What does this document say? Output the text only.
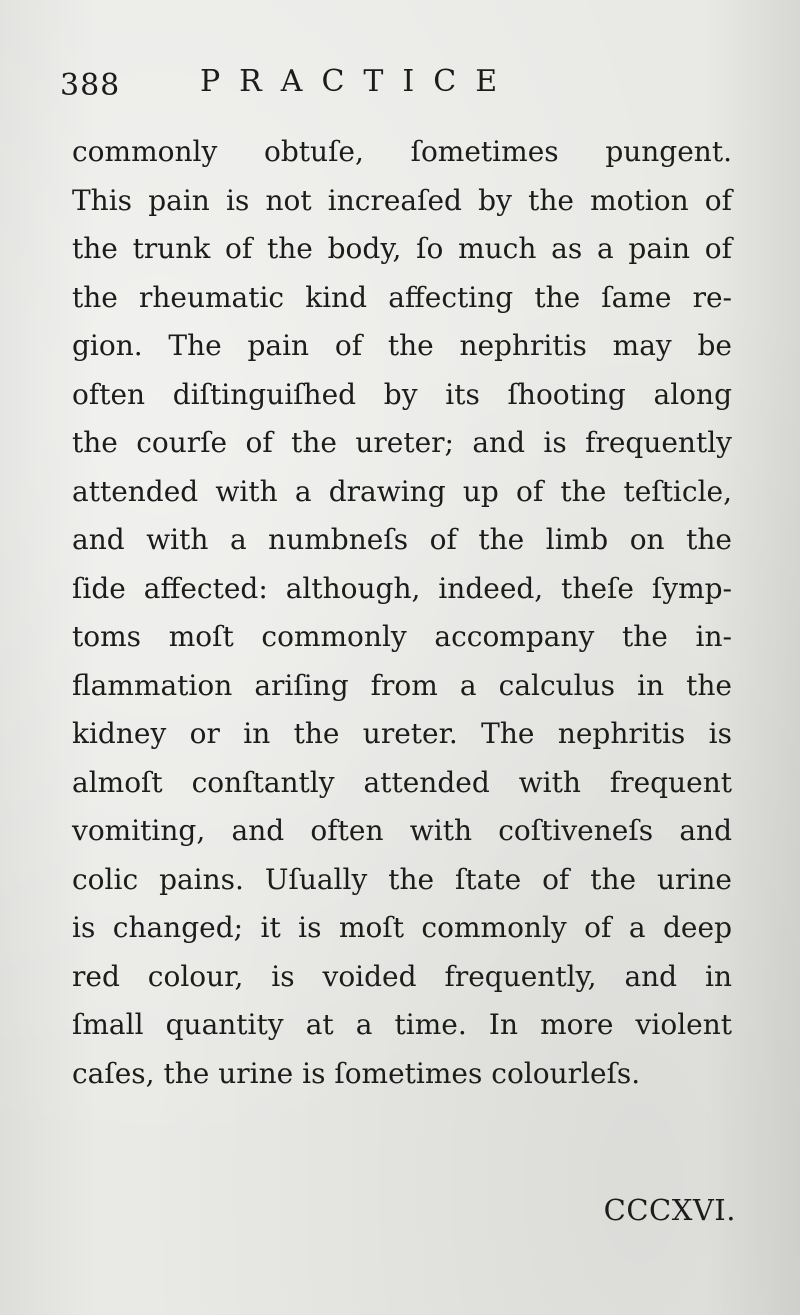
388	PRACTICE
commonly obtuſe, ſometimes pungent.
This pain is not increaſed by the motion of
the trunk of the body, ſo much as a pain of
the rheumatic kind affecting the ſame re-
gion. The pain of the nephritis may be
often diſtinguiſhed by its ſhooting along
the courſe of the ureter; and is frequently
attended with a drawing up of the teſticle,
and with a numbneſs of the limb on the
ſide affected: although, indeed, theſe ſymp-
toms moſt commonly accompany the in-
flammation ariſing from a calculus in the
kidney or in the ureter. The nephritis is
almoſt conſtantly attended with frequent
vomiting, and often with coſtiveneſs and
colic pains. Uſually the ſtate of the urine
is changed; it is moſt commonly of a deep
red colour, is voided frequently, and in
ſmall quantity at a time. In more violent
caſes, the urine is ſometimes colourleſs.
CCCXVI.
